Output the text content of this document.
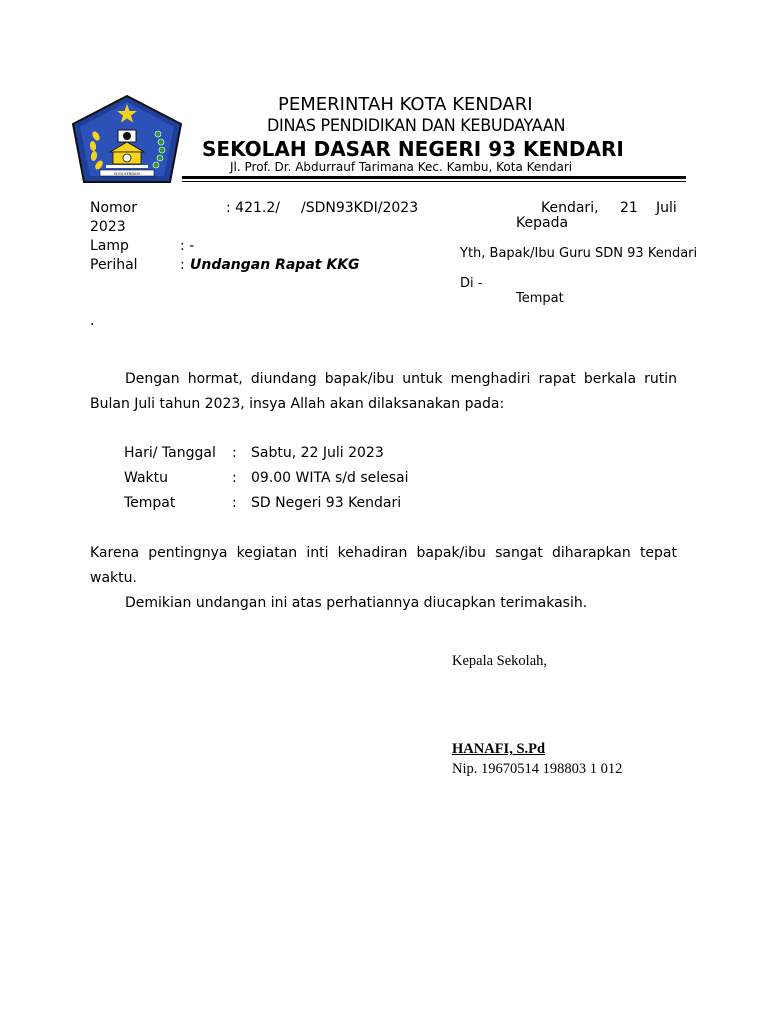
KOTA KENDARI
PEMERINTAH KOTA KENDARI
DINAS PENDIDIKAN DAN KEBUDAYAAN
SEKOLAH DASAR NEGERI 93 KENDARI
Jl. Prof. Dr. Abdurrauf Tarimana Kec. Kambu, Kota Kendari
Nomor	: 421.2/ /SDN93KDI/2023
2023
Lamp	: -
Perihal	: Undangan Rapat KKG
Kendari, 21 Juli
Kepada
Yth, Bapak/Ibu Guru SDN 93 Kendari
Di -
Tempat
.
Dengan hormat, diundang bapak/ibu untuk menghadiri rapat berkala rutin Bulan Juli tahun 2023, insya Allah akan dilaksanakan pada:
Hari/ Tanggal : Sabtu, 22 Juli 2023
Waktu	: 09.00 WITA s/d selesai
Tempat	: SD Negeri 93 Kendari
Karena pentingnya kegiatan inti kehadiran bapak/ibu sangat diharapkan tepat waktu.
Demikian undangan ini atas perhatiannya diucapkan terimakasih.
Kepala Sekolah,
HANAFI, S.Pd
Nip. 19670514 198803 1 012
